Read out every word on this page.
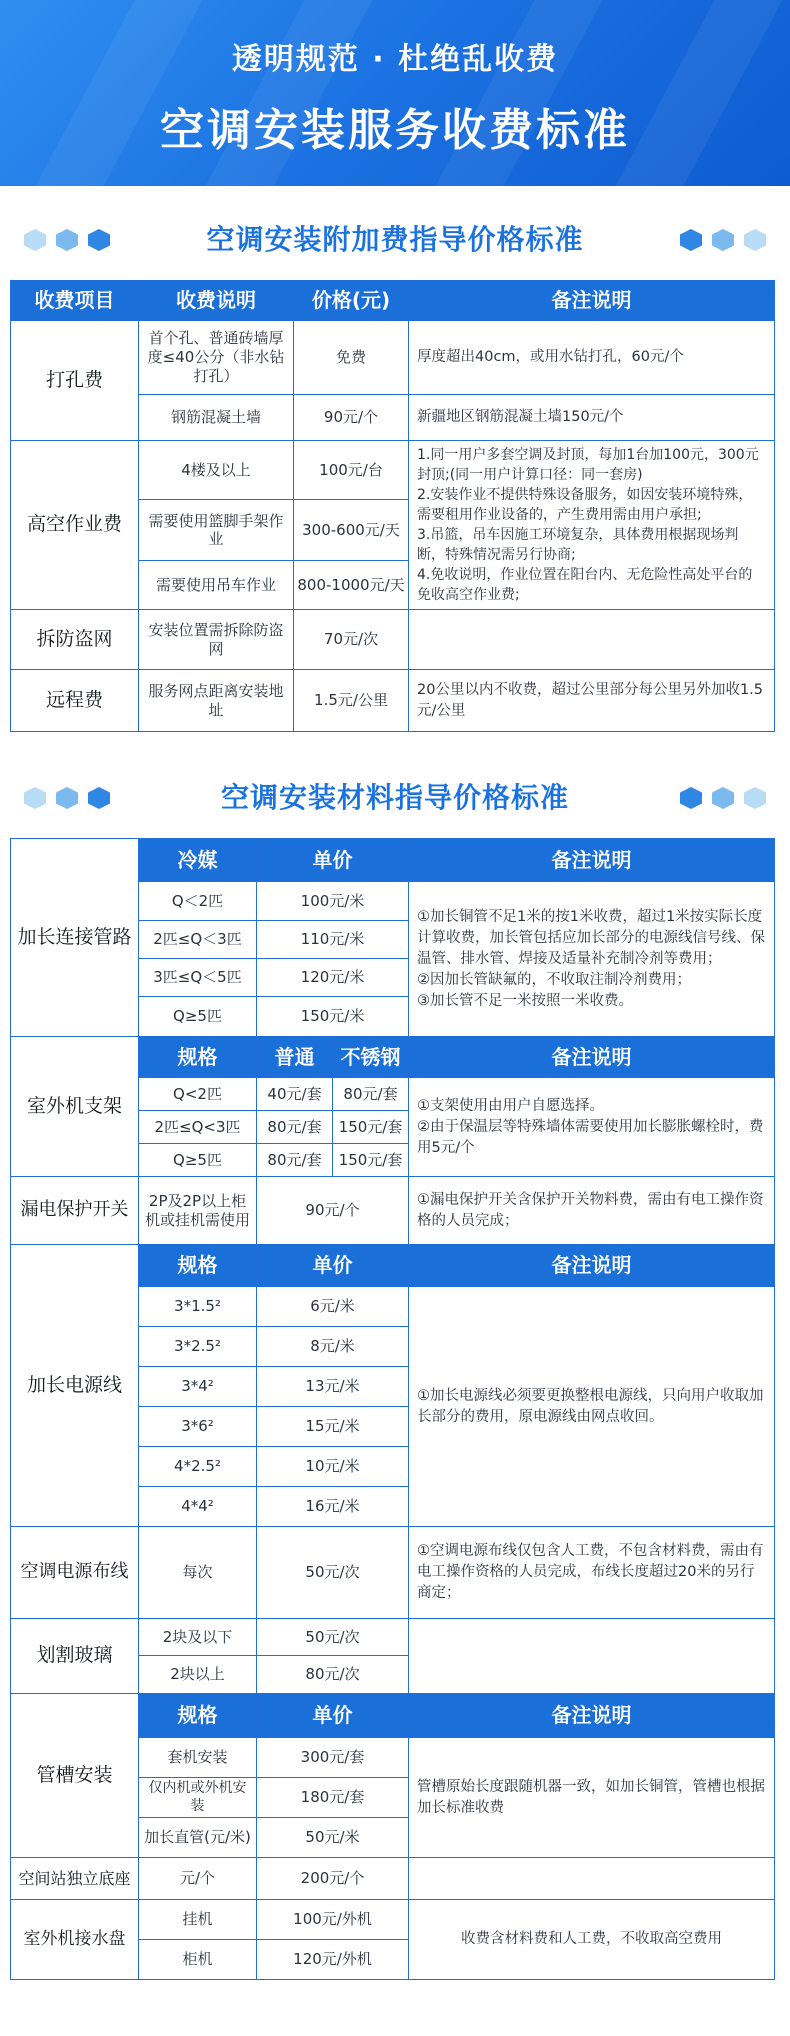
透明规范 · 杜绝乱收费
空调安装服务收费标准
空调安装附加费指导价格标准
收费项目	收费说明	价格(元)	备注说明
打孔费	首个孔、普通砖墙厚度≤40公分（非水钻打孔）	免费	厚度超出40cm，或用水钻打孔，60元/个
	钢筋混凝土墙	90元/个	新疆地区钢筋混凝土墙150元/个
高空作业费	4楼及以上	100元/台	1.同一用户多套空调及封顶，每加1台加100元，300元封顶;(同一用户计算口径：同一套房)
2.安装作业不提供特殊设备服务，如因安装环境特殊，需要租用作业设备的，产生费用需由用户承担;
3.吊篮，吊车因施工环境复杂，具体费用根据现场判断，特殊情况需另行协商;
4.免收说明，作业位置在阳台内、无危险性高处平台的免收高空作业费;
	需要使用篮脚手架作业	300-600元/天	
	需要使用吊车作业	800-1000元/天	
拆防盗网	安装位置需拆除防盗网	70元/次	
远程费	服务网点距离安装地址	1.5元/公里	20公里以内不收费，超过公里部分每公里另外加收1.5元/公里
空调安装材料指导价格标准
加长连接管路	冷媒	单价		备注说明
	Q＜2匹	100元/米		①加长铜管不足1米的按1米收费，超过1米按实际长度计算收费，加长管包括应加长部分的电源线信号线、保温管、排水管、焊接及适量补充制冷剂等费用；
②因加长管缺氟的，不收取注制冷剂费用；
③加长管不足一米按照一米收费。
	2匹≤Q＜3匹	110元/米		
	3匹≤Q＜5匹	120元/米		
	Q≥5匹	150元/米		
室外机支架	规格	普通	不锈钢	备注说明
	Q<2匹	40元/套	80元/套	①支架使用由用户自愿选择。
②由于保温层等特殊墙体需要使用加长膨胀螺栓时，费用5元/个
	2匹≤Q<3匹	80元/套	150元/套	
	Q≥5匹	80元/套	150元/套	
漏电保护开关	2P及2P以上柜机或挂机需使用	90元/个		①漏电保护开关含保护开关物料费，需由有电工操作资格的人员完成；
加长电源线	规格	单价		备注说明
	3*1.5²	6元/米		①加长电源线必须要更换整根电源线，只向用户收取加长部分的费用，原电源线由网点收回。
	3*2.5²	8元/米		
	3*4²	13元/米		
	3*6²	15元/米		
	4*2.5²	10元/米		
	4*4²	16元/米		
空调电源布线	每次	50元/次		①空调电源布线仅包含人工费，不包含材料费，需由有电工操作资格的人员完成，布线长度超过20米的另行商定；
划割玻璃	2块及以下	50元/次		
	2块以上	80元/次		
管槽安装	规格	单价		备注说明
	套机安装	300元/套		管槽原始长度跟随机器一致，如加长铜管，管槽也根据加长标准收费
	仅内机或外机安装	180元/套		
	加长直管(元/米)	50元/米		
空间站独立底座	元/个	200元/个		
室外机接水盘	挂机	100元/外机		收费含材料费和人工费，不收取高空费用
	柜机	120元/外机		
